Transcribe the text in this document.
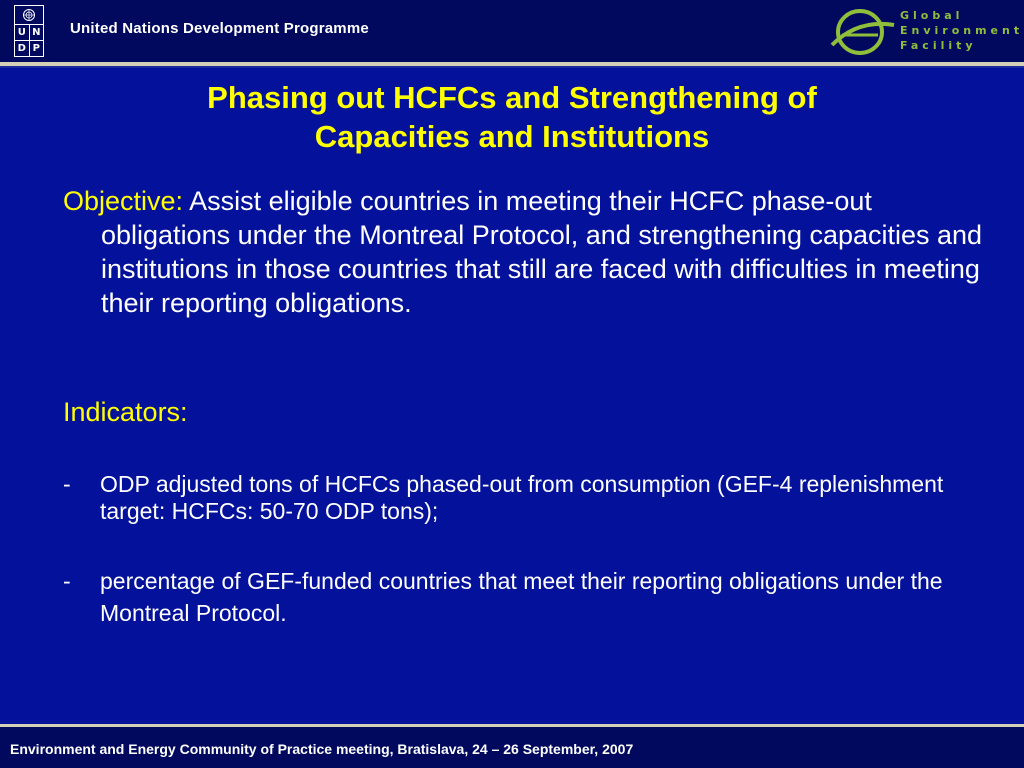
U N
D P
United Nations Development Programme
Global
Environment
Facility
Phasing out HCFCs and Strengthening of
Capacities and Institutions

Objective: Assist eligible countries in meeting their HCFC phase-out obligations under the Montreal Protocol, and strengthening capacities and institutions in those countries that still are faced with difficulties in meeting their reporting obligations.

Indicators:

- ODP adjusted tons of HCFCs phased-out from consumption (GEF-4 replenishment target: HCFCs: 50-70 ODP tons);
- percentage of GEF-funded countries that meet their reporting obligations under the Montreal Protocol.
Environment and Energy Community of Practice meeting, Bratislava, 24 – 26 September, 2007
